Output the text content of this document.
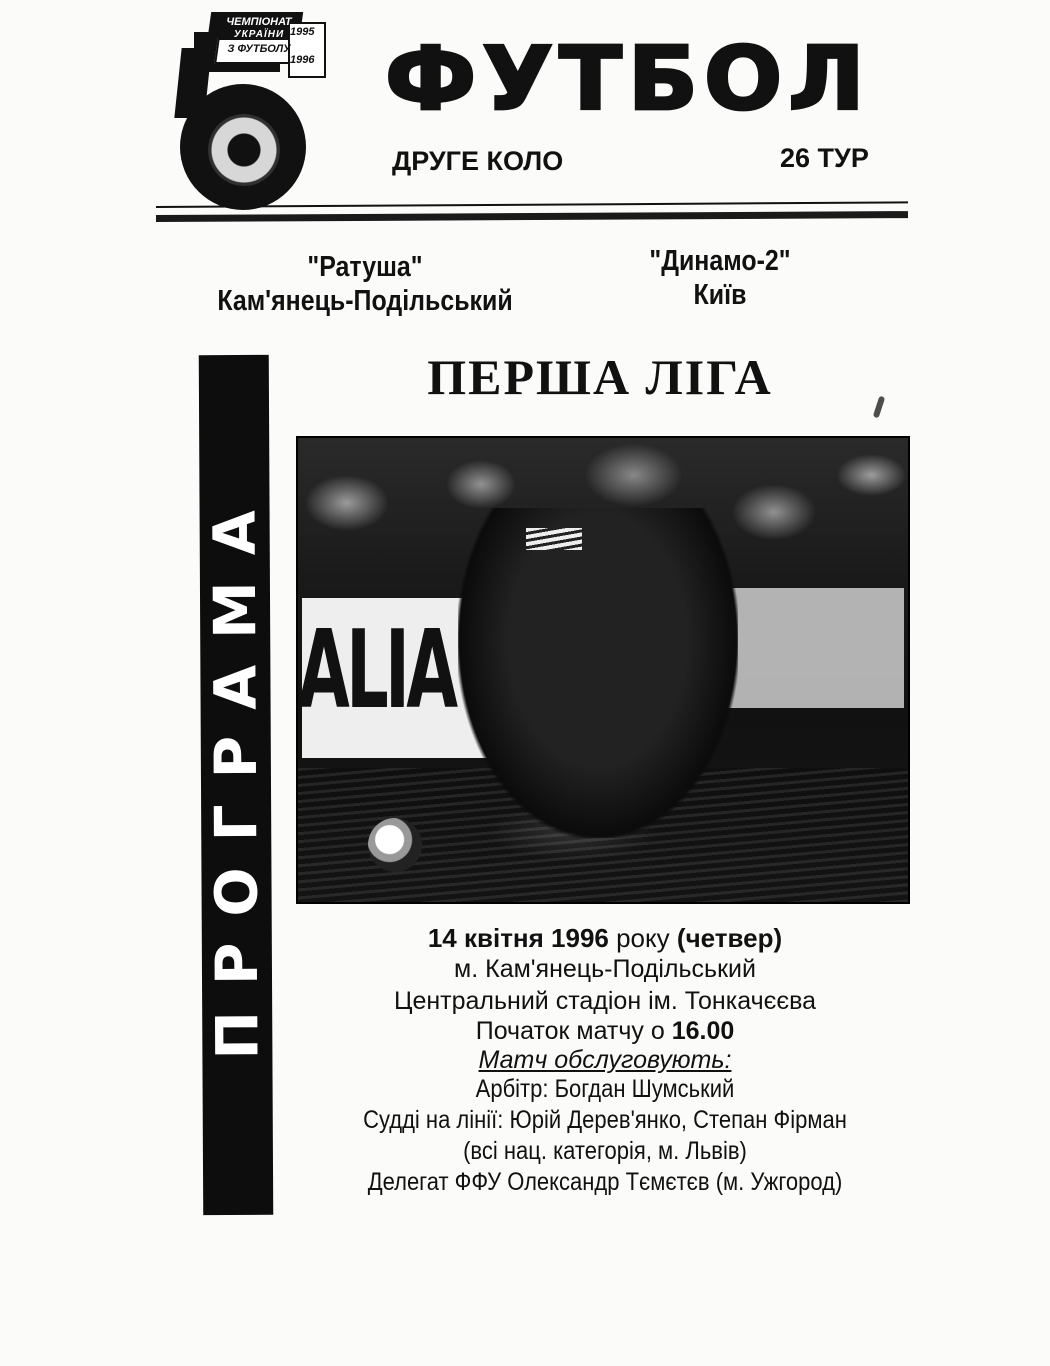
ЧЕМПІОНАТ
УКРАЇНИ
З ФУТБОЛУ
1995
1996 ФУТБОЛ
ДРУГЕ КОЛО	26 ТУР
"Ратуша"
Кам'янець-Подільський
"Динамо-2"
Київ
ПЕРША ЛІГА
ПРОГРАМА ALIA
14 квітня 1996 року (четвер)
м. Кам'янець-Подільський
Центральний стадіон ім. Тонкачєєва
Початок матчу о 16.00
Матч обслуговують:
Арбітр: Богдан Шумський
Судді на лінії: Юрій Дерев'янко, Степан Фірман
(всі нац. категорія, м. Львів)
Делегат ФФУ Олександр Тємєтєв (м. Ужгород)
